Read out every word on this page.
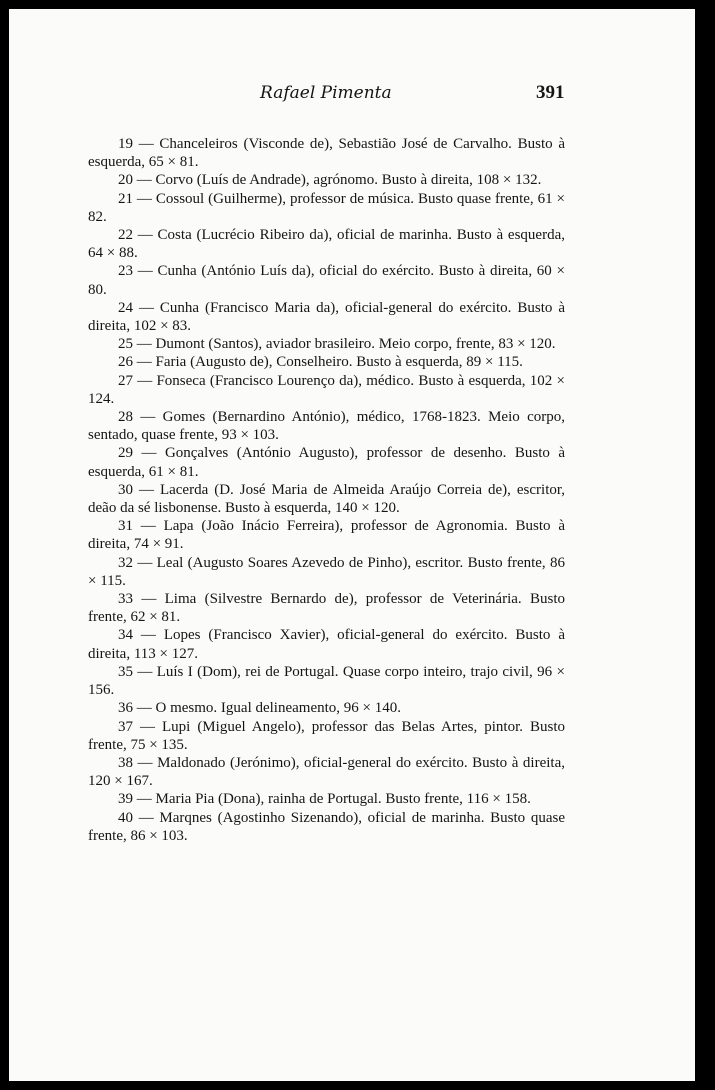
Rafael Pimenta	391

19 — Chanceleiros (Visconde de), Sebastião José de Carvalho. Busto à esquerda, 65 × 81.

20 — Corvo (Luís de Andrade), agrónomo. Busto à direita, 108 × 132.

21 — Cossoul (Guilherme), professor de música. Busto quase frente, 61 × 82.

22 — Costa (Lucrécio Ribeiro da), oficial de marinha. Busto à esquerda, 64 × 88.

23 — Cunha (António Luís da), oficial do exército. Busto à direita, 60 × 80.

24 — Cunha (Francisco Maria da), oficial-general do exército. Busto à direita, 102 × 83.

25 — Dumont (Santos), aviador brasileiro. Meio corpo, frente, 83 × 120.

26 — Faria (Augusto de), Conselheiro. Busto à esquerda, 89 × 115.

27 — Fonseca (Francisco Lourenço da), médico. Busto à esquerda, 102 × 124.

28 — Gomes (Bernardino António), médico, 1768-1823. Meio corpo, sentado, quase frente, 93 × 103.

29 — Gonçalves (António Augusto), professor de desenho. Busto à esquerda, 61 × 81.

30 — Lacerda (D. José Maria de Almeida Araújo Correia de), escritor, deão da sé lisbonense. Busto à esquerda, 140 × 120.

31 — Lapa (João Inácio Ferreira), professor de Agronomia. Busto à direita, 74 × 91.

32 — Leal (Augusto Soares Azevedo de Pinho), escritor. Busto frente, 86 × 115.

33 — Lima (Silvestre Bernardo de), professor de Veterinária. Busto frente, 62 × 81.

34 — Lopes (Francisco Xavier), oficial-general do exército. Busto à direita, 113 × 127.

35 — Luís I (Dom), rei de Portugal. Quase corpo inteiro, trajo civil, 96 × 156.

36 — O mesmo. Igual delineamento, 96 × 140.

37 — Lupi (Miguel Angelo), professor das Belas Artes, pintor. Busto frente, 75 × 135.

38 — Maldonado (Jerónimo), oficial-general do exército. Busto à direita, 120 × 167.

39 — Maria Pia (Dona), rainha de Portugal. Busto frente, 116 × 158.

40 — Marqnes (Agostinho Sizenando), oficial de marinha. Busto quase frente, 86 × 103.
